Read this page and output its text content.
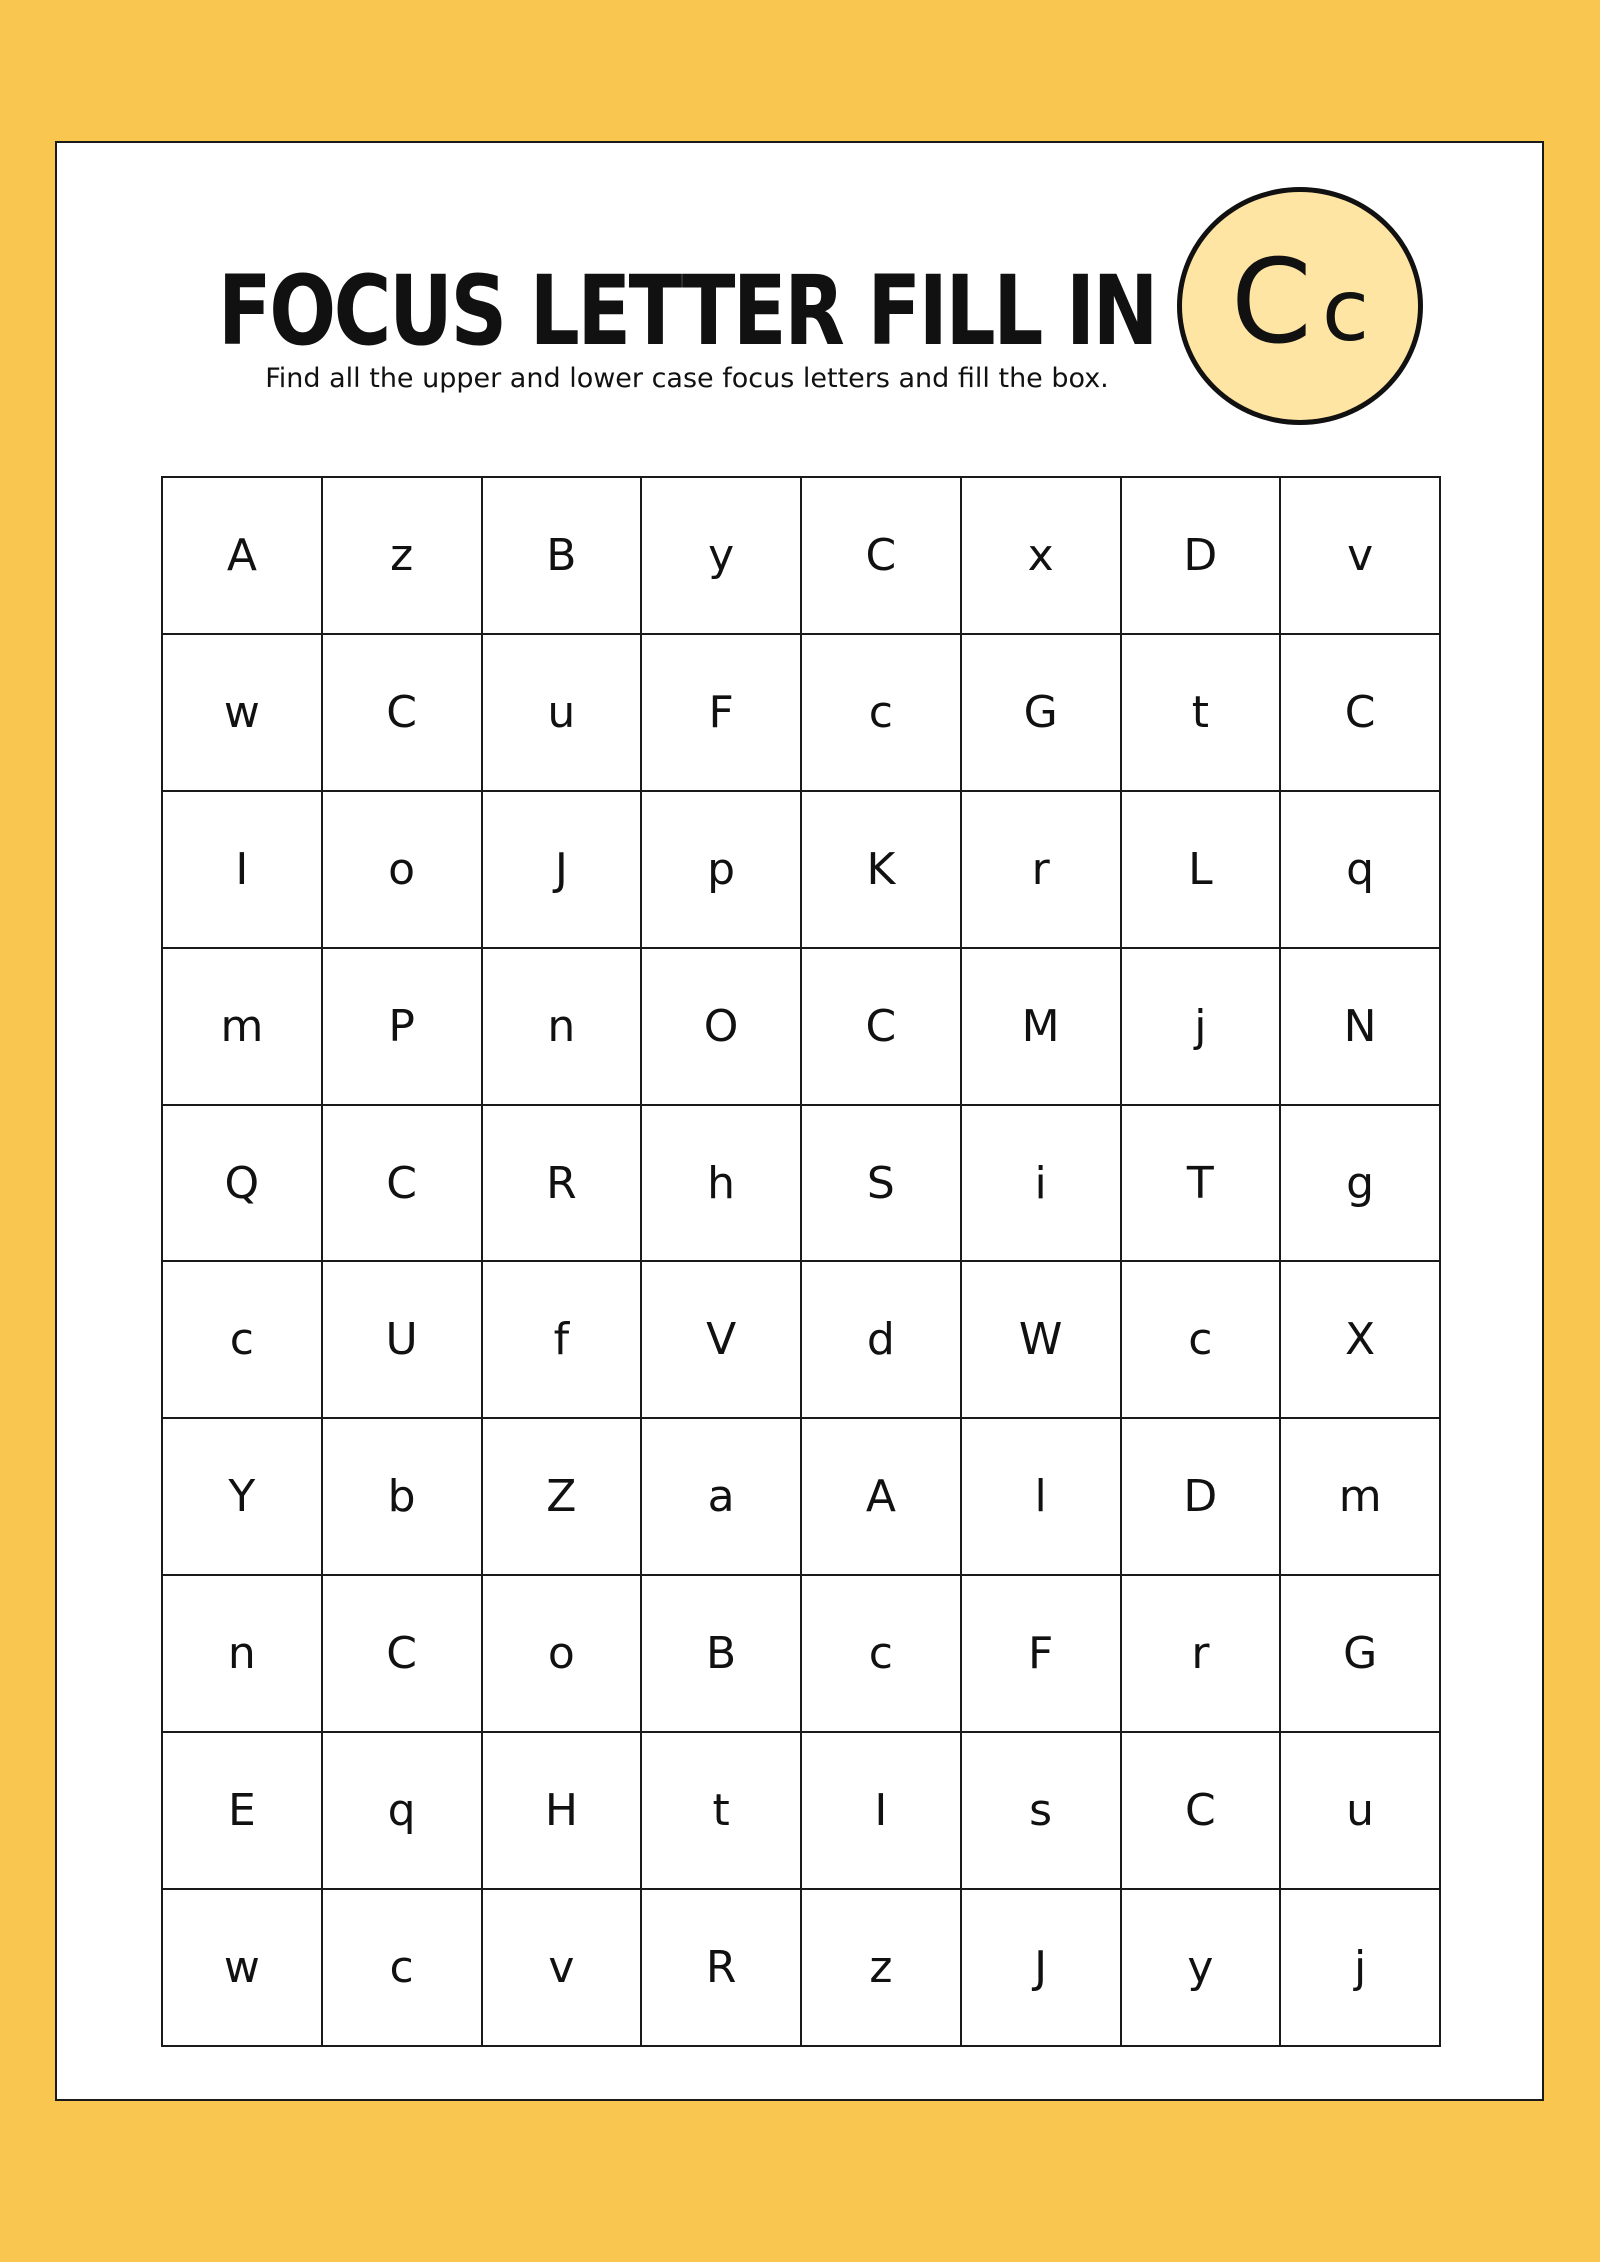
FOCUS LETTER FILL IN
Find all the upper and lower case focus letters and fill the box.
C c
A	z	B	y	C	x	D	v
w	C	u	F	c	G	t	C
I	o	J	p	K	r	L	q
m	P	n	O	C	M	j	N
Q	C	R	h	S	i	T	g
c	U	f	V	d	W	c	X
Y	b	Z	a	A	l	D	m
n	C	o	B	c	F	r	G
E	q	H	t	I	s	C	u
w	c	v	R	z	J	y	j
